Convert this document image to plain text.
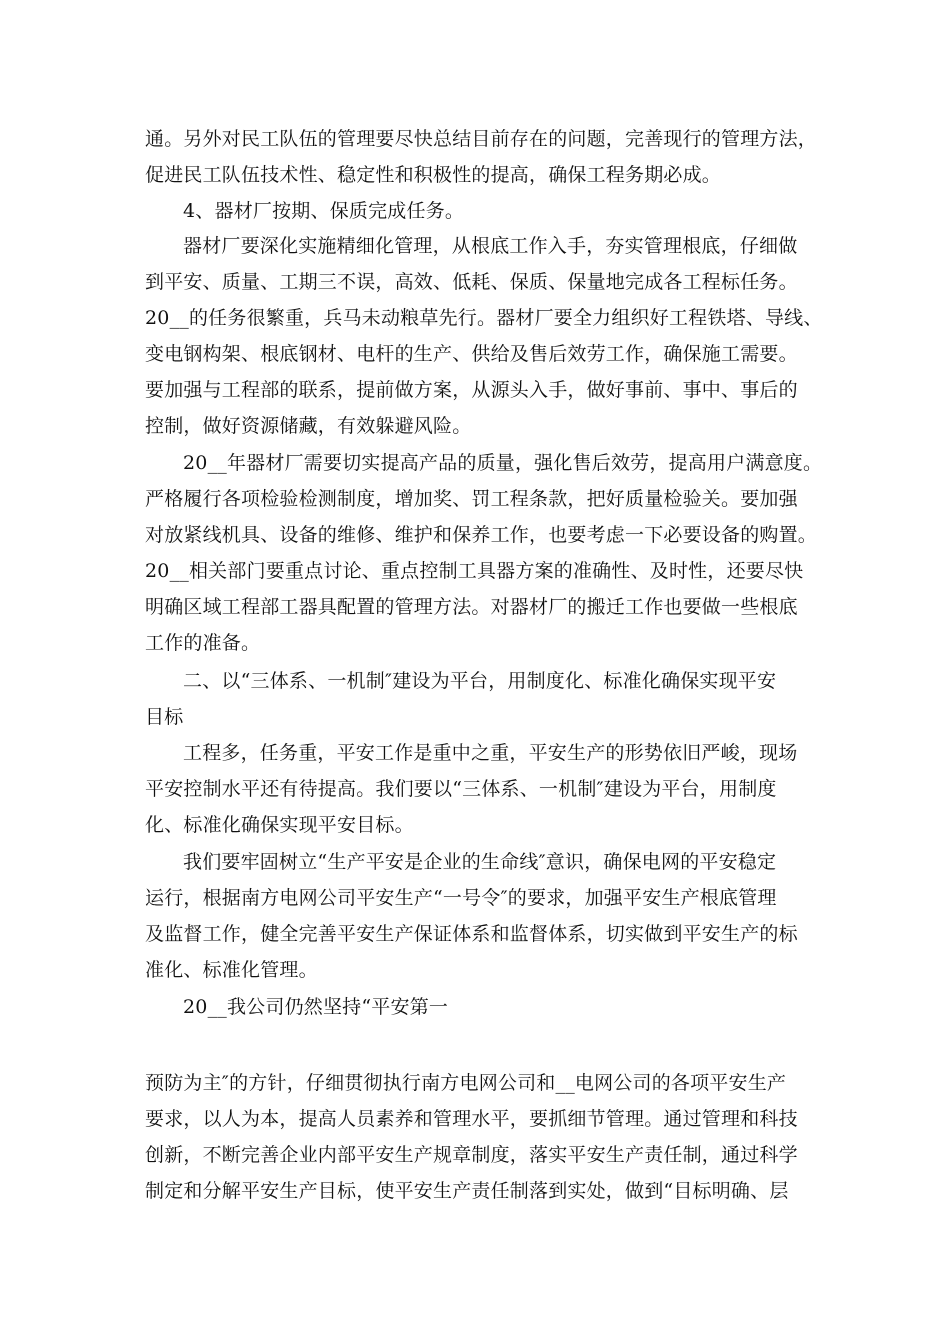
通。另外对民工队伍的管理要尽快总结目前存在的问题，完善现行的管理方法，
促进民工队伍技术性、稳定性和积极性的提高，确保工程务期必成。
4、器材厂按期、保质完成任务。
器材厂要深化实施精细化管理，从根底工作入手，夯实管理根底，仔细做
到平安、质量、工期三不误，高效、低耗、保质、保量地完成各工程标任务。
20__的任务很繁重，兵马未动粮草先行。器材厂要全力组织好工程铁塔、导线、
变电钢构架、根底钢材、电杆的生产、供给及售后效劳工作，确保施工需要。
要加强与工程部的联系，提前做方案，从源头入手，做好事前、事中、事后的
控制，做好资源储藏，有效躲避风险。
20__年器材厂需要切实提高产品的质量，强化售后效劳，提高用户满意度。
严格履行各项检验检测制度，增加奖、罚工程条款，把好质量检验关。要加强
对放紧线机具、设备的维修、维护和保养工作，也要考虑一下必要设备的购置。
20__相关部门要重点讨论、重点控制工具器方案的准确性、及时性，还要尽快
明确区域工程部工器具配置的管理方法。对器材厂的搬迁工作也要做一些根底
工作的准备。
二、以“三体系、一机制″建设为平台，用制度化、标准化确保实现平安
目标
工程多，任务重，平安工作是重中之重，平安生产的形势依旧严峻，现场
平安控制水平还有待提高。我们要以“三体系、一机制″建设为平台，用制度
化、标准化确保实现平安目标。
我们要牢固树立“生产平安是企业的生命线″意识，确保电网的平安稳定
运行，根据南方电网公司平安生产“一号令″的要求，加强平安生产根底管理
及监督工作，健全完善平安生产保证体系和监督体系，切实做到平安生产的标
准化、标准化管理。
20__我公司仍然坚持“平安第一
预防为主″的方针，仔细贯彻执行南方电网公司和__电网公司的各项平安生产
要求，以人为本，提高人员素养和管理水平，要抓细节管理。通过管理和科技
创新，不断完善企业内部平安生产规章制度，落实平安生产责任制，通过科学
制定和分解平安生产目标，使平安生产责任制落到实处，做到“目标明确、层
